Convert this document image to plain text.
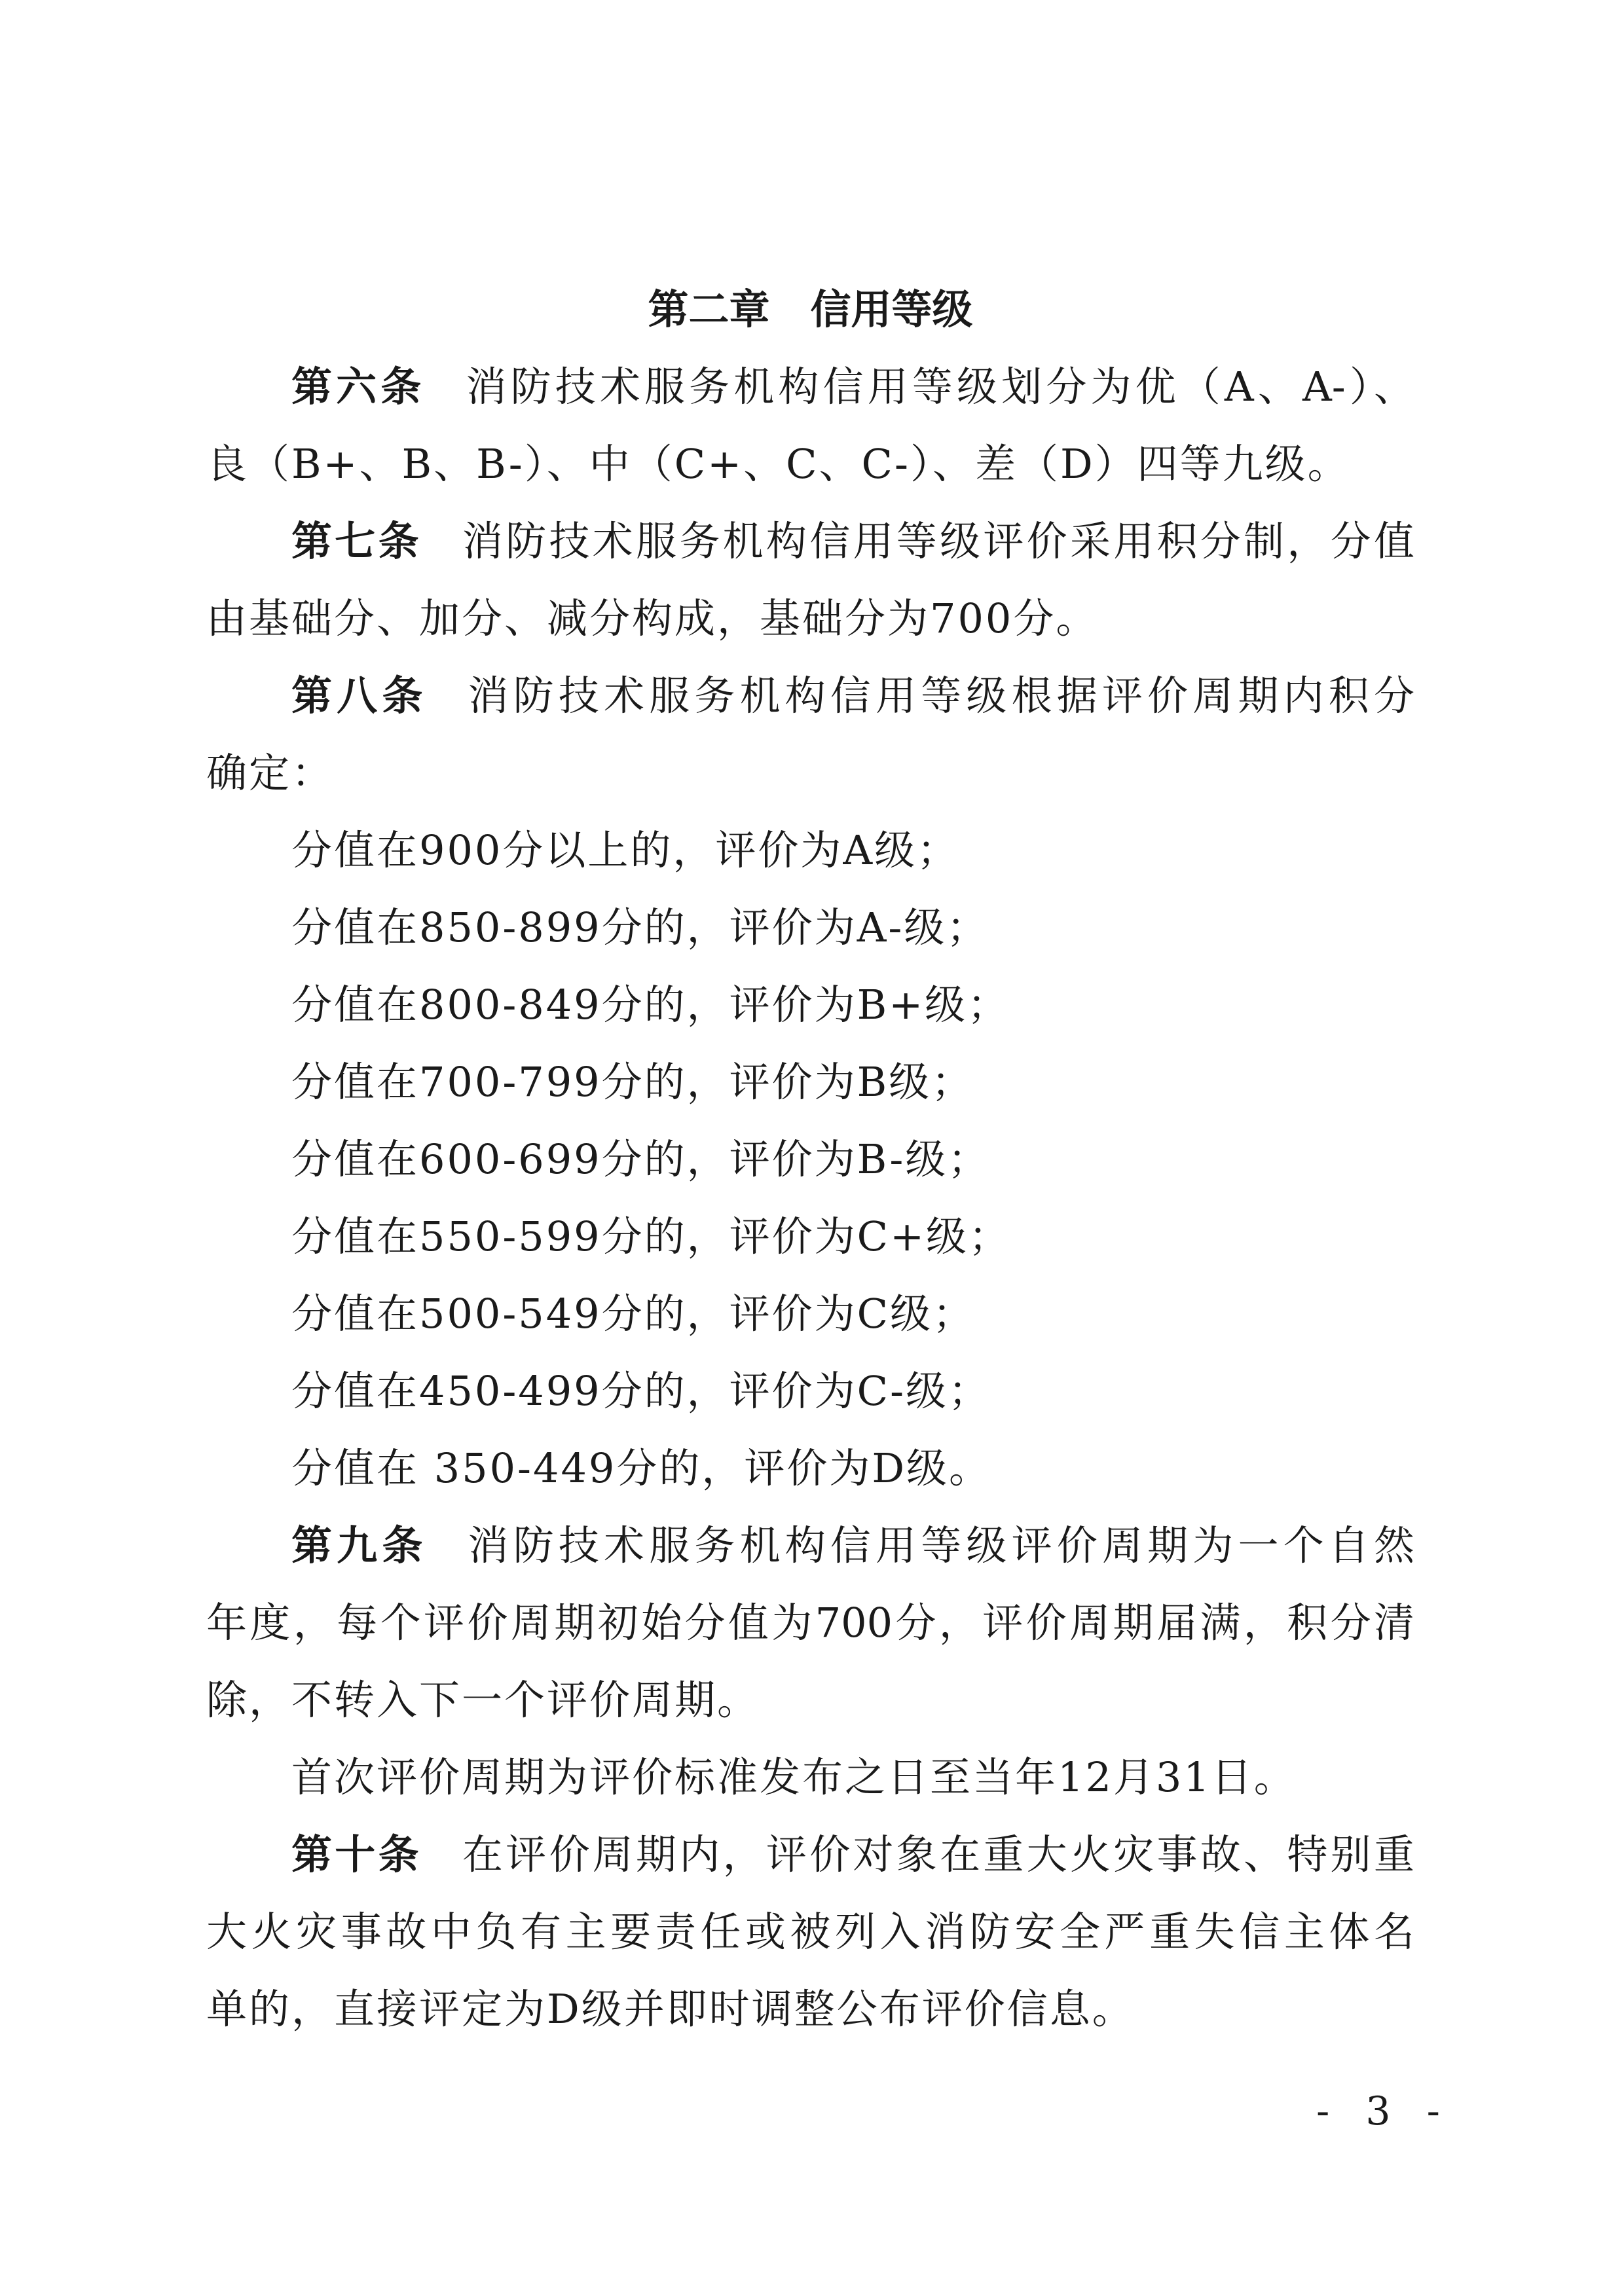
第二章 信用等级
第六条 消防技术服务机构信用等级划分为优（A、A-）、
良（B+、B、B-）、中（C+、C、C-）、差（D）四等九级。
第七条 消防技术服务机构信用等级评价采用积分制，分值
由基础分、加分、减分构成，基础分为700分。
第八条 消防技术服务机构信用等级根据评价周期内积分
确定：
分值在900分以上的，评价为A级；
分值在850-899分的，评价为A-级；
分值在800-849分的，评价为B+级；
分值在700-799分的，评价为B级；
分值在600-699分的，评价为B-级；
分值在550-599分的，评价为C+级；
分值在500-549分的，评价为C级；
分值在450-499分的，评价为C-级；
分值在 350-449分的，评价为D级。
第九条 消防技术服务机构信用等级评价周期为一个自然
年度，每个评价周期初始分值为700分，评价周期届满，积分清
除，不转入下一个评价周期。
首次评价周期为评价标准发布之日至当年12月31日。
第十条 在评价周期内，评价对象在重大火灾事故、特别重
大火灾事故中负有主要责任或被列入消防安全严重失信主体名
单的，直接评定为D级并即时调整公布评价信息。
- 3 -
